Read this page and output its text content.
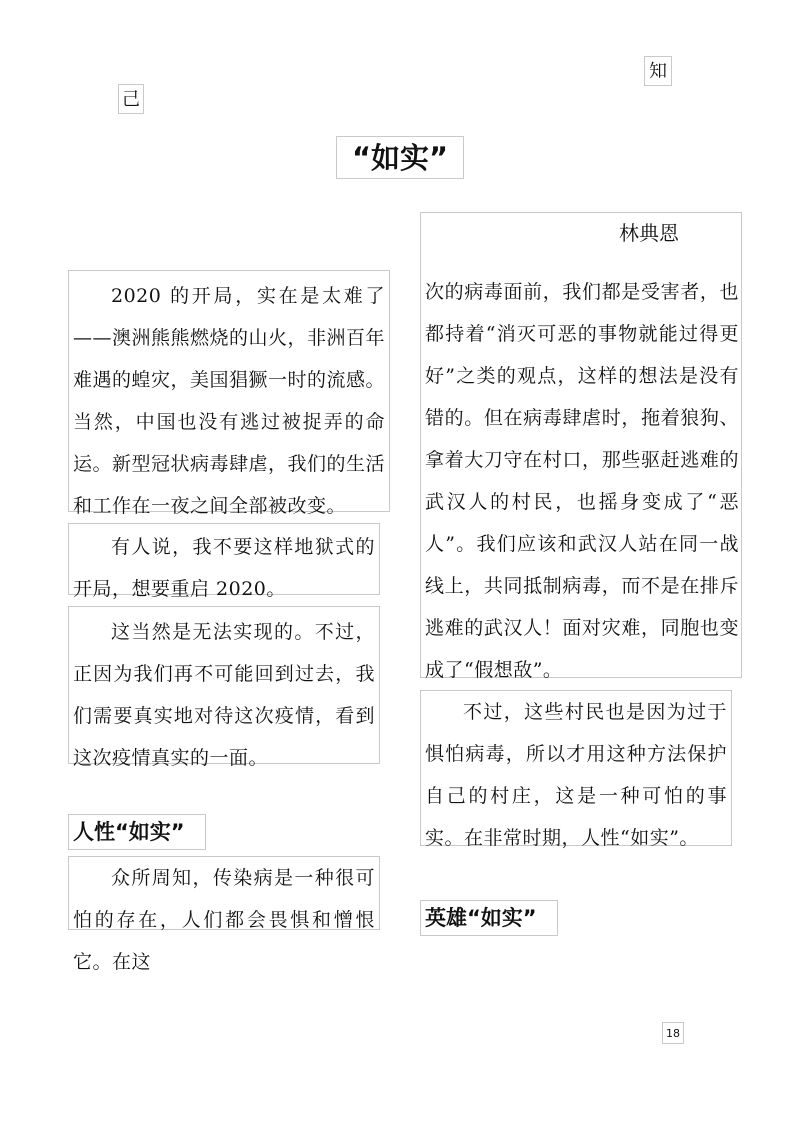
己
知
“如实”
2020 的开局，实在是太难了——澳洲熊熊燃烧的山火，非洲百年难遇的蝗灾，美国猖獗一时的流感。当然，中国也没有逃过被捉弄的命运。新型冠状病毒肆虐，我们的生活和工作在一夜之间全部被改变。
有人说，我不要这样地狱式的开局，想要重启 2020。
这当然是无法实现的。不过，正因为我们再不可能回到过去，我们需要真实地对待这次疫情，看到这次疫情真实的一面。
人性“如实”
众所周知，传染病是一种很可怕的存在，人们都会畏惧和憎恨它。在这
林典恩
次的病毒面前，我们都是受害者，也都持着“消灭可恶的事物就能过得更好”之类的观点，这样的想法是没有错的。但在病毒肆虐时，拖着狼狗、拿着大刀守在村口，那些驱赶逃难的武汉人的村民，也摇身变成了“恶人”。我们应该和武汉人站在同一战线上，共同抵制病毒，而不是在排斥逃难的武汉人！面对灾难，同胞也变成了“假想敌”。
不过，这些村民也是因为过于惧怕病毒，所以才用这种方法保护自己的村庄，这是一种可怕的事实。在非常时期，人性“如实”。
英雄“如实”
18
